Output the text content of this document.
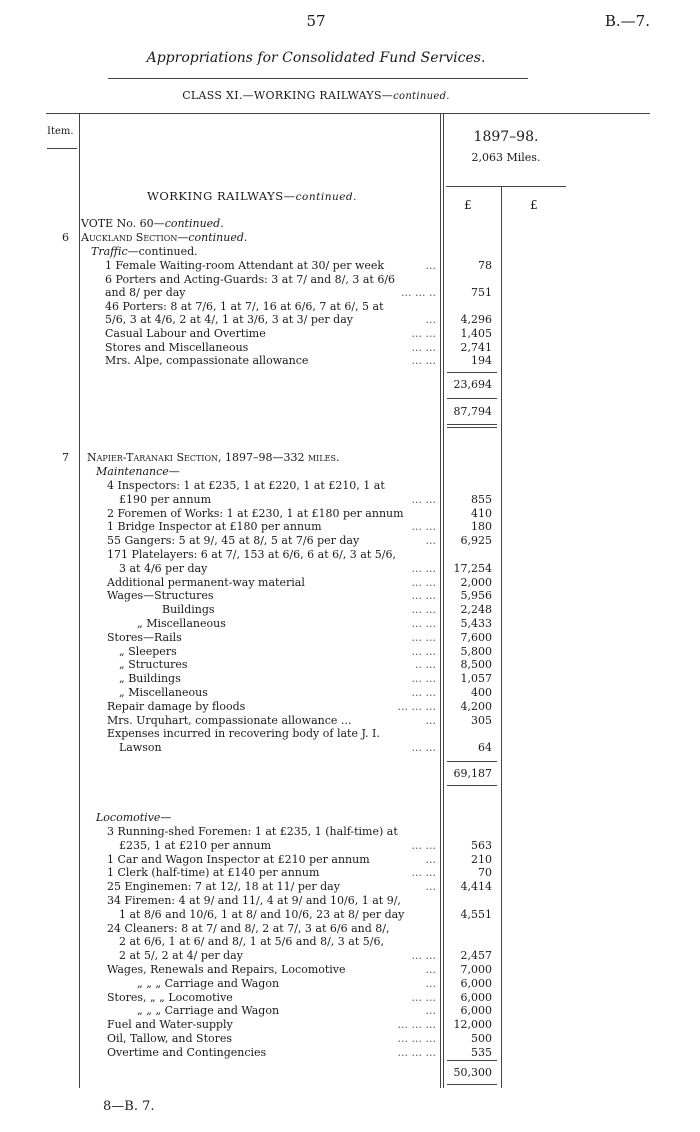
57	B.—7.
Appropriations for Consolidated Fund Services.
CLASS XI.—WORKING RAILWAYS—continued.
Item.	1897–98.
2,063 Miles.
£	£
WORKING RAILWAYS—continued.
VOTE No. 60—continued.
6 Auckland Section—continued.
Traffic—continued.
1 Female Waiting-room Attendant at 30/ per week	...	78
6 Porters and Acting-Guards: 3 at 7/ and 8/, 3 at 6/6
and 8/ per day	... ... ..	751
46 Porters: 8 at 7/6, 1 at 7/, 16 at 6/6, 7 at 6/, 5 at
5/6, 3 at 4/6, 2 at 4/, 1 at 3/6, 3 at 3/ per day	...	4,296
Casual Labour and Overtime	... ...	1,405
Stores and Miscellaneous	... ...	2,741
Mrs. Alpe, compassionate allowance	... ...	194
23,694
87,794
7 Napier-Taranaki Section, 1897–98—332 miles.
Maintenance—
4 Inspectors: 1 at £235, 1 at £220, 1 at £210, 1 at
£190 per annum	... ...	855
2 Foremen of Works: 1 at £230, 1 at £180 per annum	410
1 Bridge Inspector at £180 per annum	... ...	180
55 Gangers: 5 at 9/, 45 at 8/, 5 at 7/6 per day	...	6,925
171 Platelayers: 6 at 7/, 153 at 6/6, 6 at 6/, 3 at 5/6,
3 at 4/6 per day	... ...	17,254
Additional permanent-way material	... ...	2,000
Wages—Structures	... ...	5,956
Buildings	... ...	2,248
„ Miscellaneous	... ...	5,433
Stores—Rails	... ...	7,600
„ Sleepers	... ...	5,800
„ Structures	.. ...	8,500
„ Buildings	... ...	1,057
„ Miscellaneous	... ...	400
Repair damage by floods	... ... ...	4,200
Mrs. Urquhart, compassionate allowance ...	...	305
Expenses incurred in recovering body of late J. I.
Lawson	... ...	64
69,187
Locomotive—
3 Running-shed Foremen: 1 at £235, 1 (half-time) at
£235, 1 at £210 per annum	... ...	563
1 Car and Wagon Inspector at £210 per annum	...	210
1 Clerk (half-time) at £140 per annum	... ...	70
25 Enginemen: 7 at 12/, 18 at 11/ per day	...	4,414
34 Firemen: 4 at 9/ and 11/, 4 at 9/ and 10/6, 1 at 9/,
1 at 8/6 and 10/6, 1 at 8/ and 10/6, 23 at 8/ per day	4,551
24 Cleaners: 8 at 7/ and 8/, 2 at 7/, 3 at 6/6 and 8/,
2 at 6/6, 1 at 6/ and 8/, 1 at 5/6 and 8/, 3 at 5/6,
2 at 5/, 2 at 4/ per day	... ...	2,457
Wages, Renewals and Repairs, Locomotive	...	7,000
„ „ „ Carriage and Wagon	...	6,000
Stores, „ „ Locomotive	... ...	6,000
„ „ „ Carriage and Wagon	...	6,000
Fuel and Water-supply	... ... ...	12,000
Oil, Tallow, and Stores	... ... ...	500
Overtime and Contingencies	... ... ...	535
50,300
8—B. 7.
